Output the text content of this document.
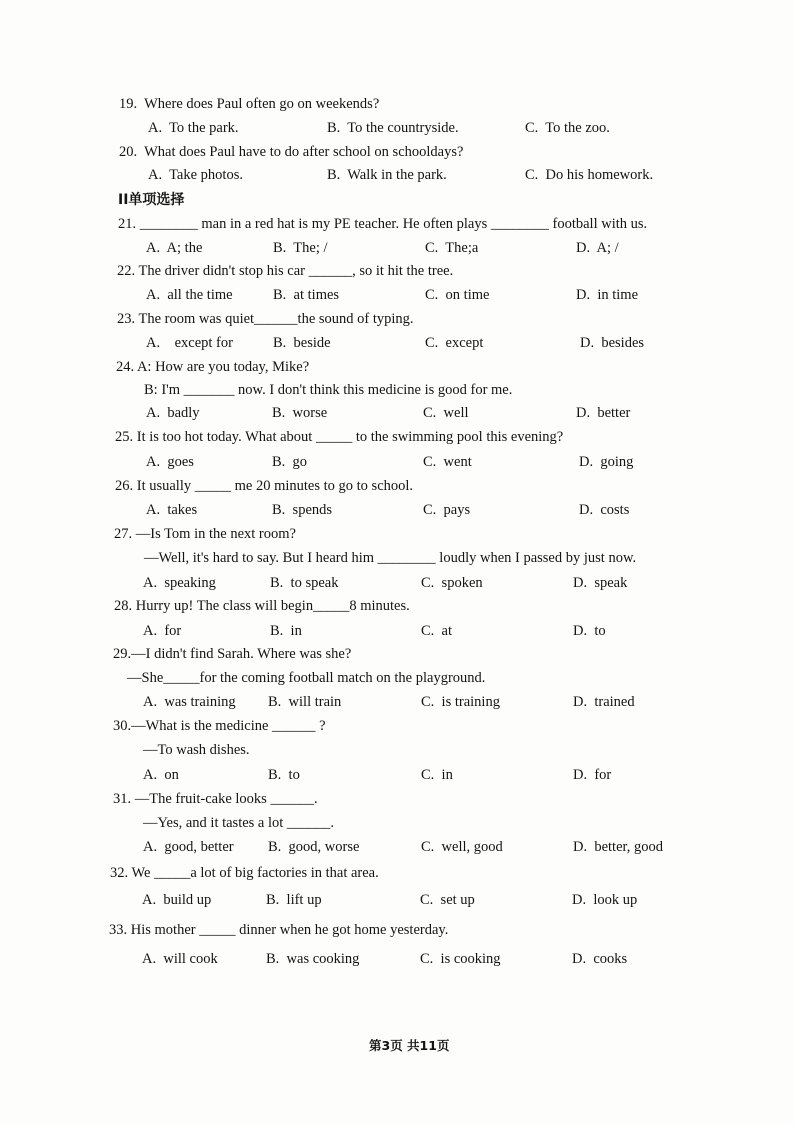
19.  Where does Paul often go on weekends?
A.  To the park.	B.  To the countryside.	C.  To the zoo.
20.  What does Paul have to do after school on schooldays?
A.  Take photos.	B.  Walk in the park.	C.  Do his homework.
II单项选择
21. ________ man in a red hat is my PE teacher. He often plays ________ football with us.
A.  A; the	B.  The; /	C.  The;a	D.  A; /
22. The driver didn't stop his car ______, so it hit the tree.
A.  all the time	B.  at times	C.  on time	D.  in time
23. The room was quiet______the sound of typing.
A.    except for	B.  beside	C.  except	D.  besides
24. A: How are you today, Mike?
B: I'm _______ now. I don't think this medicine is good for me.
A.  badly	B.  worse	C.  well	D.  better
25. It is too hot today. What about _____ to the swimming pool this evening?
A.  goes	B.  go	C.  went	D.  going
26. It usually _____ me 20 minutes to go to school.
A.  takes	B.  spends	C.  pays	D.  costs
27. —Is Tom in the next room?
—Well, it's hard to say. But I heard him ________ loudly when I passed by just now.
A.  speaking	B.  to speak	C.  spoken	D.  speak
28. Hurry up! The class will begin_____8 minutes.
A.  for	B.  in	C.  at	D.  to
29.—I didn't find Sarah. Where was she?
—She_____for the coming football match on the playground.
A.  was training B.  will train	C.  is training	D.  trained
30.—What is the medicine ______ ?
—To wash dishes.
A.  on	B.  to	C.  in	D.  for
31. —The fruit-cake looks ______.
—Yes, and it tastes a lot ______.
A.  good, better B.  good, worse	C.  well, good	D.  better, good
32. We _____a lot of big factories in that area.
A.  build up	B.  lift up	C.  set up	D.  look up
33. His mother _____ dinner when he got home yesterday.
A.  will cook	B.  was cooking	C.  is cooking	D.  cooks
第3页 共11页
